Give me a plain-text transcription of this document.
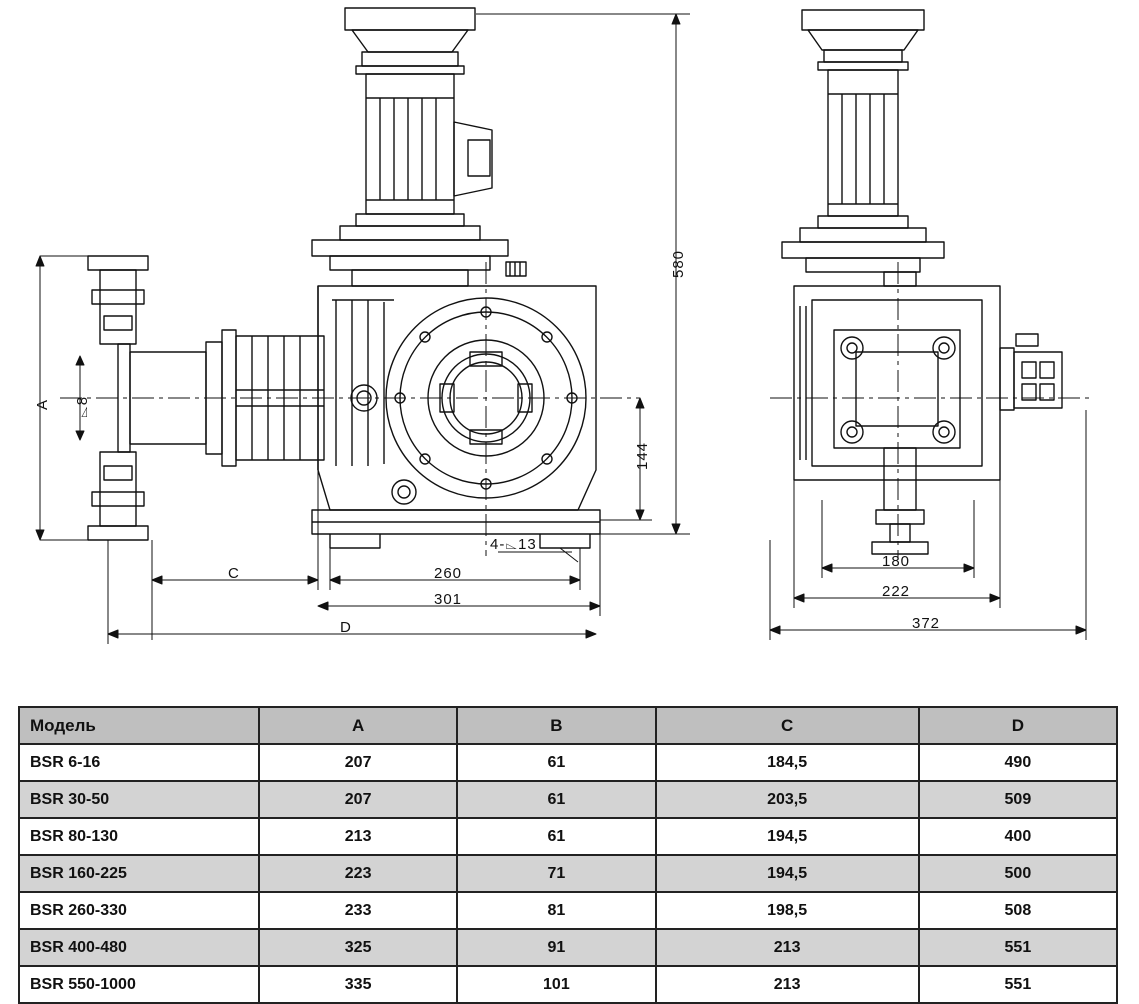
A ⌳8
580
144
C	260
301
D
4-⌳13
180
222
372
Модель	A	B	C	D
BSR 6-16	207	61	184,5	490
BSR 30-50	207	61	203,5	509
BSR 80-130	213	61	194,5	400
BSR 160-225	223	71	194,5	500
BSR 260-330	233	81	198,5	508
BSR 400-480	325	91	213	551
BSR 550-1000	335	101	213	551
